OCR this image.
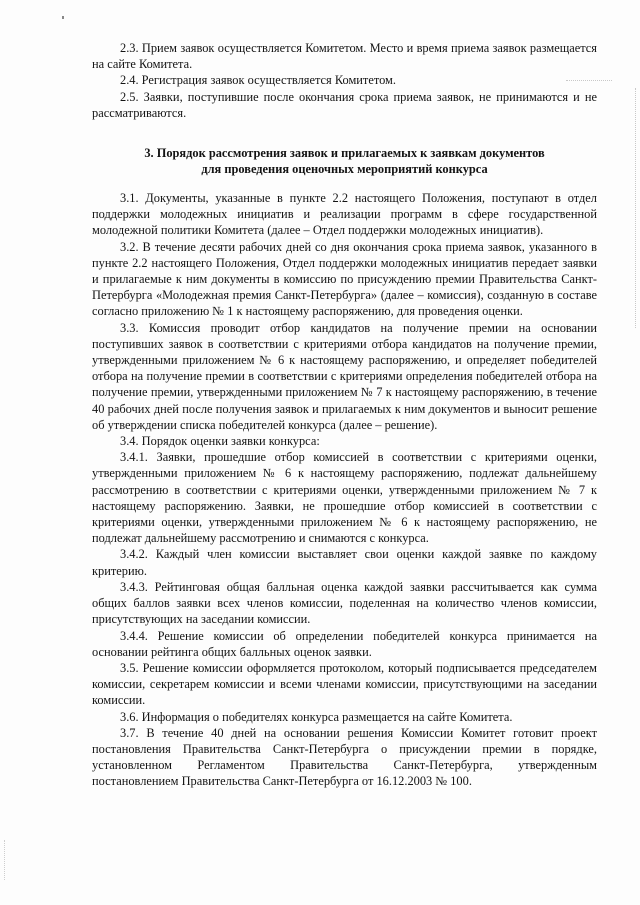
2.3. Прием заявок осуществляется Комитетом. Место и время приема заявок размещается на сайте Комитета.

2.4. Регистрация заявок осуществляется Комитетом.

2.5. Заявки, поступившие после окончания срока приема заявок, не принимаются и не рассматриваются.

3. Порядок рассмотрения заявок и прилагаемых к заявкам документов
для проведения оценочных мероприятий конкурса

3.1. Документы, указанные в пункте 2.2 настоящего Положения, поступают в отдел поддержки молодежных инициатив и реализации программ в сфере государственной молодежной политики Комитета (далее – Отдел поддержки молодежных инициатив).

3.2. В течение десяти рабочих дней со дня окончания срока приема заявок, указанного в пункте 2.2 настоящего Положения, Отдел поддержки молодежных инициатив передает заявки и прилагаемые к ним документы в комиссию по присуждению премии Правительства Санкт-Петербурга «Молодежная премия Санкт-Петербурга» (далее – комиссия), созданную в составе согласно приложению № 1 к настоящему распоряжению, для проведения оценки.

3.3. Комиссия проводит отбор кандидатов на получение премии на основании поступивших заявок в соответствии с критериями отбора кандидатов на получение премии, утвержденными приложением № 6 к настоящему распоряжению, и определяет победителей отбора на получение премии в соответствии с критериями определения победителей отбора на получение премии, утвержденными приложением № 7 к настоящему распоряжению, в течение 40 рабочих дней после получения заявок и прилагаемых к ним документов и выносит решение об утверждении списка победителей конкурса (далее – решение).

3.4. Порядок оценки заявки конкурса:

3.4.1. Заявки, прошедшие отбор комиссией в соответствии с критериями оценки, утвержденными приложением № 6 к настоящему распоряжению, подлежат дальнейшему рассмотрению в соответствии с критериями оценки, утвержденными приложением № 7 к настоящему распоряжению. Заявки, не прошедшие отбор комиссией в соответствии с критериями оценки, утвержденными приложением № 6 к настоящему распоряжению, не подлежат дальнейшему рассмотрению и снимаются с конкурса.

3.4.2. Каждый член комиссии выставляет свои оценки каждой заявке по каждому критерию.

3.4.3. Рейтинговая общая балльная оценка каждой заявки рассчитывается как сумма общих баллов заявки всех членов комиссии, поделенная на количество членов комиссии, присутствующих на заседании комиссии.

3.4.4. Решение комиссии об определении победителей конкурса принимается на основании рейтинга общих балльных оценок заявки.

3.5. Решение комиссии оформляется протоколом, который подписывается председателем комиссии, секретарем комиссии и всеми членами комиссии, присутствующими на заседании комиссии.

3.6. Информация о победителях конкурса размещается на сайте Комитета.

3.7. В течение 40 дней на основании решения Комиссии Комитет готовит проект постановления Правительства Санкт-Петербурга о присуждении премии в порядке, установленном Регламентом Правительства Санкт-Петербурга, утвержденным постановлением Правительства Санкт-Петербурга от 16.12.2003 № 100.
